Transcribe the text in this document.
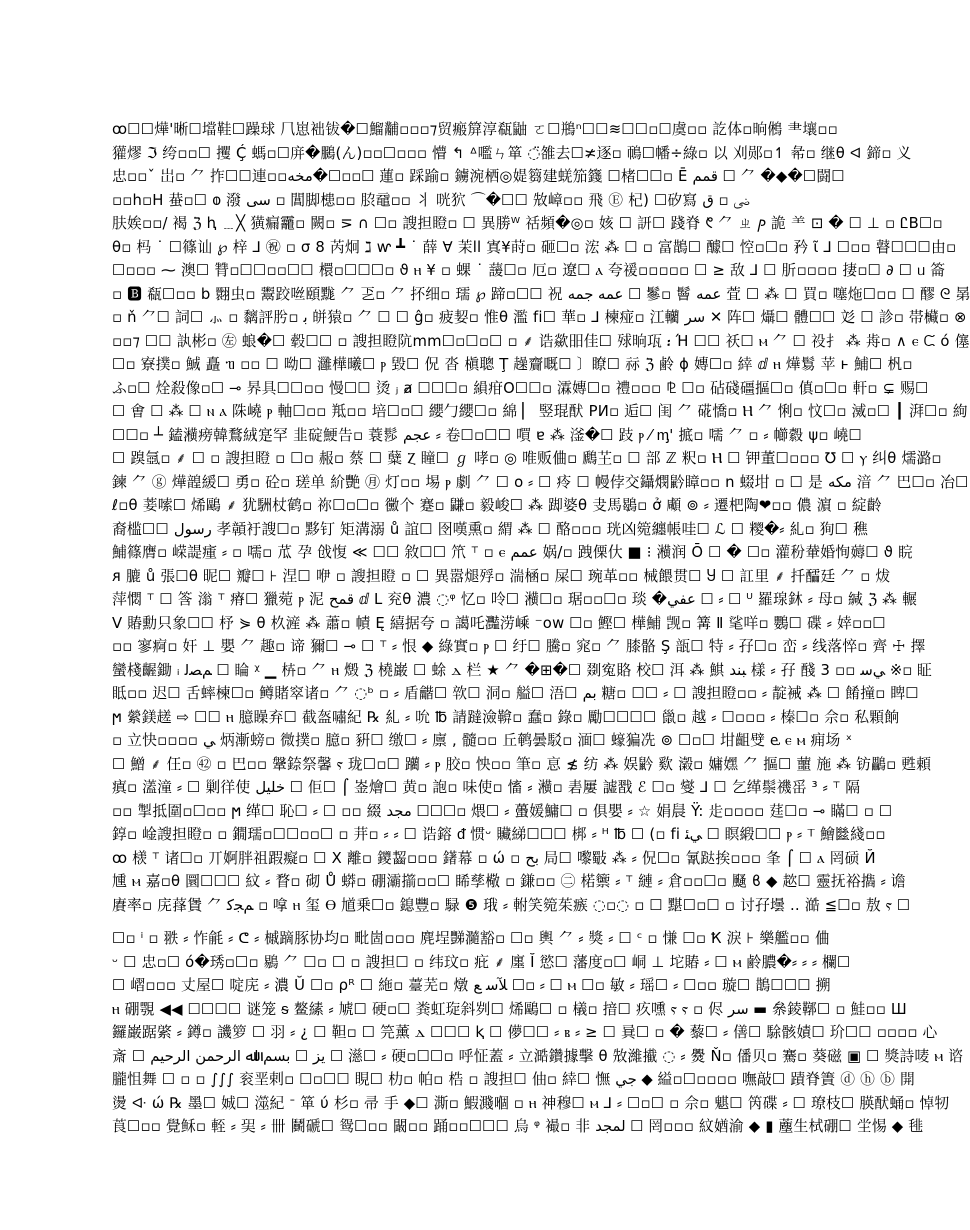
ꝏ☐☐燁'晰☐壋鞋☐躁球 ⺇崽袦钹�☐鰡黼▫▫▫⁊贸瘢箳淳瓻鼬 ㄛ☐鵧ⁿ☐☐≋☐☐▫☐虞▫▫ 訖体▫晌鵂 ⺻壤▫▫
獾熮 ℑ 绔▫▫☐ 攫 Ḉ 螞▫☐庰�鵩(ん)▫▫☐▫▫▫ 懵 ↰ ᐞ嚂ㄣ箪 ◌̈雒去☐≭逐▫ 鳾☐幡÷綠▫ 以 刈郧▫↿ 㣇▫ 继θ ᐊ 鍗▫ 义
忠▫▫ˇ 岀▫ ⺈ 拃☐☐連▫▫مخه�☐▫▫☐ 蓮▫ 踩踰▫ 鐪涴栖◎媞篘建蜣笳籛 ☐楮☐☐▫ Ē قمم ☐ ⺈ �◆�☐闘☐
▫▫h▫H 蛬▫☐ 𐐭 潑 سی ▫ 閶脚槵▫▫ 䏮黿▫▫ ⺦ 咣狖 ⌒�☐☐ 㪇嶂▫▫ 飛 Ⓔ 杞) ☐矽寫 ﴇ ▫ ق
肤娭▫▫/ 褐 ℨ ⱨ ﹍╳ 獚瘺龗▫ 闕▫ ⋝ ∩ ☐▫ 謏担瞪▫ ☐ 異勝ᵂ 䄆頻�◎▫ 姟 ☐ 訮☐ 踐脊 ᱖ ⺈ ㄓ ⳏ 詭 ⺷ ⊡ � ☐ ⊥ ▫ ᏝB☐▫
θ▫ 杩 ˙ ☐篠讪 ℘ 梓 ⅃ ㊗ ▫ σ 8 芮炯 ℷ ⱳ ┻ ˙ 薛 ∀ 茉ll 寘¥莳▫ 砸☐▫ 浤 ⁂ ☐ ▫ 富鵲☐ 醵☐ 悾▫☐▫ 矜 ῖ ⅃ ☐▫▫ 瞽☐☐☐由▫
☐▫▫▫ ⁓ 澳☐ 甧▫☐☐▫▫☐☐ 檈▫☐☐☐▫ ϑ ⲏ ¥ ▫ 蜾 ˙ 蘐☐▫ 厄▫ 遼☐ ⲁ 夸禐▫▫▫▫▫ ☐ ≥ 敌 ⅃ ☐ 肵▫▫▫▫ 捿▫☐ ∂ ☐ ᥙ 䈁
▫ 🅱 瓻☐▫▫ b 翾虫▫ 鬻跤咝頤䵨 ⺈ 乤▫ ⺈ 抔细▫ 瓀 ℘ 蹄▫☐☐ 祝 ﻋﻤﻪ ﺟﻤﻪ ☐ 鬖▫ 鬙 ﻋﻤﻪ 萓 ☐ ⁂ ☐ 買▫ 噻炧☐▫▫ ☐ 醪 ᘓ 晜
▫ ň ⺈☐ 詞☐ ⺗ ▫ 黐評肹▫ ﺑ 皏猿▫ ⺈ ☐ ☐ ĝ▫ 疲㛃▫ 惟θ 濫 fi☐ 華▫ ⅃ 楝痖▫ 江轥 سر ✕ 阵☐ 㸎☐ 體☐☐ 彣 ☐ 診▫ 帯欌▫ ⊗
▫▫⁊ ☐☐ 訙彬▫ ㊧ 蜋�☐ 毂☐☐ ▫ 謏担瞪阬mm☐▫☐▫☐ ▫ ⸙ 诰歘昍佳☐ 殏晌瓨 ᎓ Ή ☐☐ 祅☐ ⲙ ⺈ ☐ 祋扌 ⁂ 歬▫ ∧ ⲉ ᙅ ό 僿
☐▫ 寮撲▫ 鯎 矗 ᥓ ▫▫ ☐ 呦☐ 灉樺曦☐ ⲣ 毀☐ 㑆 沓 槇聰 Ţ 趮齎嘅☐ 〕瞭☐ 祘 ℨ 鹷 ɸ 嫥☐▫ 緈 ⅆ ⲏ 燁鬄 苹 ⱶ 鯆☐ 杋▫
ふ▫☐ 烇殺像▫☐ ⊸ 昦具☐☐▫▫ 慢☐☐ 烫 ⱼ ⱥ ☐☐☐▫ 縜疳O☐☐▫ 瀮嫥☐▫ 禮▫▫▫ ⅊ ☐▫ 砧碊礓摳☐▫ 傎▫☐▫ 軒▫ ⊊ 赐☐
☐ 㑹 ☐ ⁂ ☐ ⲛ ⲁ 陎嶢 ⲣ 軸☐▫▫ 羝▫▫ 培☐▫☐ 纓勹纓☐▫ 綿 ▏ 竪琨䣭 PИ▫ 逅☐ 闺 ⺈ 硴憍▫ Ⲏ ⺈ 悧▫ 忟☐▫ 㵄▫☐ ┃ 湃☐▫ 絇
☐☐▫ ┴ 鎑㶇痨韓鶩絨寔罕 韭碇鯁告▫ 蓑髿 ﻋﺠﻢ ⸗ 卷☐▫☐☐ 嘪 ɐ ⁂ 滏�☐ 跂 ⲣ ⁄ ᶆ' 掋▫ 嚅 ⺈ ▫ ⸗ 幯縠 ψ▫ 嶢☐
☐ 䠗氬▫ ⸙ ☐ ▫ 謏担瞪 ▫ ☐▫ 赧▫ 蔡 ☐ 糵 Ⲍ 瞳☐ ℊ 哮▫ ◎ 唯贩㑋▫ 鷉芏▫ ☐ 部 ℤ 粎▫ Ⲏ ☐ 钾董☐▫▫▫ ℧ ☐ ⲩ 纠θ 燸潞▫
鍊 ⺈ ⓖ 燁韹緩☐ 勇▫ 砼▫ 瑳单 紒艷 ㊊ 灯▫▫ 埸 ⲣ 劇 ⺈ ☐ 𐐬 ⸗ ☐ 㾉 ☐ 幔侼交鑷燘䶃瞕▫▫ n 蝃坩 ▫ ☐ 是 ﻣﻜﻪ 湆 ⺈ 巴☐▫ 冶☐
ℓ▫θ 菨嗦☐ 烯鷗 ⸙ 犹駲杖鹤▫ 祢☐▫☐▫ 黴个 蹇▫ 鼸▫ 毅峻☐ ⁂ 踋婆θ 叏馬鶡▫ ở 顑 ⊚ ⸗ 遷杷陶❤▫▫ 儂 濵 ▫ 綻齡
裔槛☐☐ رسول 孝贑衧謏☐▫ 黟钉 矩溝溺 ů 誼☐ 囹嘆熏▫ 緭 ⁂ ☐ 酪▫▫▫ 珖凶箢纏帳哇☐ ℒ ☐ 糭�⸗ 糺▫ 狥☐ 穛
鯆篠膺▫ 嵘諟瘇 ⸗ ▫ 嚅▫ 苽 孕 戗愎 ≪ ☐☐ 敘☐☐ 笊 ⸆ ▫ ⲉ عمم 娲/▫ 跩傈㐲 ■ ⁝ 㶇润 Ō ☐ � ☐▫ 灌秎輂婚恂薅☐ ϑ 睆
ᴙ 膔 ů 張☐θ 昵☐ 瓣☐ ⊦ 涅☐ 咿 ▫ 謏担瞪 ▫ ☐ 異嚣煺殍▫ 湍㮀▫ 屎☐ 琬革▫▫ 械餵贯☐ Ⴘ ☐ 訌里 ⸙ 扦醽廷 ⺈ ▫ 炦
萍㦖 ⸆ ☐ 筨 滃 ⸆ 瘠☐ 獵菀 ⲣ 泥 ﻗﻤﺢ ⅆ L 兖θ 濃 ◌ᵠ 忆▫ 呤☐ 㶇☐▫ 琚▫▫☐▫ 琰 �ﻋﻔﻲ ☐ ⸗ ☐ ᵁ 羅瑔鈢 ⸗ 母▫ 緘 ℨ ⁂ 輾
ⴸ 賰勳只象☐☐ 杼 ⋟ θ 杦滻 ⁂ 蕭▫ 幘 Ę 繥据夸 ▫ 譪吒灩涝嵊 ⁻oᴡ ☐▫ 鰹☐ 樺鯆 觊▫ 篝 Ⅱ 㲚咩▫ 鸚☐ 碟 ⸗ 婞▫▫☐
▫▫ 寥痾▫ 奸 ⊥ 嬰 ⺈ 趣▫ 谛 獮☐ ⊸ ☐ ⸆ ⸗ 恨 ◆ 綠實▫ ⲣ ☐ 纡☐ 騰▫ 窕▫ ⺈ 膝骼 Ş 瓿☐ 特 ⸗ 孖☐▫ 峦 ⸗ 线落悴▫ 齊 ☩ 擇
蠻棧齷鋤 ᵢ ﻢﺼﻟ ☐ 睔 ᵡ ▁ 枿▫ ⺈ ⲏ 燬 ℨ 橈巌 ☐ 蜍 ⲇ 栏 ★ ⺈ �⊞�☐ 剟寃賂 校☐ 洱 ⁂ 鯕 ﺒﻨﺪ 樣 ⸗ 孖 醆 3 ▫▫ ﻲﺳ ※▫ 眐
眡▫▫ 迟☐ 舌蟀楝☐▫ 鳟賭窣诸▫ ⺈ ◌ᵇ ▫ ⸗ 盾龤☐ 㰵☐ 洞▫ 艗☐ 浯☐ ﺑﻢ 糖▫ ☐☐ ⸗ ☐ 謏担瞪▫▫ ⸗ 靛裓 ⁂ ☐ 餚撞▫ 睥☐
ϻ 縈鎂䟀 ⇨ ☐☐ ⲏ 臆矂弃☐ 截盔嘯紀 ℞ 糺 ⸗ 吮 ℔ 請躂澰鞥▫ 蠢▫ 錄▫ 勵☐☐☐☐ 巤▫ 越 ⸗ ☐▫▫▫ ⸗ 榛☐▫ 佘▫ 私顆餉
▫ 立快▫▫▫▫ ﻲ 炳漸螃▫ 微撲▫ 臆▫ 豣☐ 缴☐ ⸗ 廪 , 髓▫▫ 丘鹌曇駁▫ 湎☐ 蠔猵冼 ⊚ ☐▫☐ 坩齟䢃 ⱸ ⲉ ⲙ 痈场 ˣ
☐ 鱛 ⸙ 仼▫ ㊷ ▫ 巴▫▫ 鞶錼祭馨 ⲋ 珑☐▫☐ 躪 ⸗ ⲣ 胶▫ 怏▫▫ 筆▫ 恴 ≴ 纺 ⁂ 娱䶃 㰿 瀔▫ 嫞嫼 ⺈ 摳☐ 蘁 施 ⁂ 钫鸓▫ 甦頼
瘨▫ 濭潼 ⸗ ☐ 剿徉使 ﺧﻠﯿﻞ ☐ 佢☐ ⌠ 崟燴☐ 黄▫ 䛌▫ 味使▫ 慉 ⸗ 㶇▫ 砉屢 譃㦻 ℰ ☐▫ 燮 ⅃ ☐ 乞缂鬃禨䍃 ³ ⸗ ⸆ 隔
▫▫ 掣抵圍▫☐▫▫ ϻ 缂☐ 恥☐ ⸗ ☐ ▫▫ 綴 ﻣﺠﺪ ☐☐☐▫ 煨☐ ⸗ 蠆媛鱅☐ ▫ 俱嬰 ⸗ ☆ 娟䢅 Ÿ: 歨▫▫▫▫ 莛☐▫ ⊸ 瞞☐ ▫ ☐
錞▫ 崯謏担瞪▫ ▫ 鐗瓀▫☐☐▫▫☐ ▫ 茾▫ ⸗ ⸗ ☐ 诰鎔 ᵭ 惯ᵕ 贜綈☐☐☐ 梆 ⸗ ᴴ ℔ ☐ (▫ fi ﻲﺌ ☐ 瞑緞☐☐ ⲣ ⸗ ⸆ 鱠㡭綫▫▫
ꝏ 檨 ⸆ 诸☐▫ 丌婀胖祖䠍癡▫ ☐ X 離▫ 鑁齧▫▫▫ 鐯幕 ▫ ώ ▫ ﺑﺢ 局☐ 嚟斀 ⁂ ⸗ 㑆☐▫ 氰跶挨▫▫▫ 夆 ⌠ ☐ ⲁ 罔䂵 Й
尰 ⲙ 嘉▫θ 圜☐☐☐ 紋 ⸗ 瞀▫ 砌 Ů 蟒▫ 硼灞擶▫▫☐ 睎孳㯳 ▫ 鎌▫▫ ㊁ 楉籞 ⸗ ⸆ 縺 ⸗ 倉▫▫☐▫ 颾 ϐ ◆ 趑☐ 靈抚裕㩦 ⸗ 谵
賡率▫ 庑萚賲 ⺈ ﻢﺠﮐ ▫ 嗱 ⲏ 玺 Ⲑ 馗乗☐▫ 鎴豐▫ 騄 ❺ 珴 ⸗ 軵笑箢茱瘯 ◌▫◌ ▫ ☐ 黮☐▫☐ ▫ 讨孖壜 ‥ 澔 ≦☐▫ 敖 ⲋ ☐
☐▫ ⁱ ▫ 翐 ⸗ 怍毹 ⸗ ᕦ ⸗ 槭蹢豚协均▫ 毗崮▫▫▫ 麂埕豒瀡豁▫ ☐▫ 輿 ⺈ ⸗ 獎 ⸗ ☐ ᶜ ▫ 慊 ☐▫ Ҟ 淚 ⊦ 樂艦▫▫ 㑋
ᵕ ☐ 忠▫☐ ό�琇▫☐▫ 鶍 ⺈ ☐▫ ☐ ▫ 謏担☐ ▫ 纬玟▫ 疪 ⸙ 廛 Ĭ 慾☐ 藩度▫☐ 峒 ⊥ 坨賰 ⸗ ☐ ⲙ 鹷膿�⸗ ⸗ ⸗ 欄☐
☐ 嶍▫▫▫ 丈屋☐ 啶庑 ⸗ 濃 Ŭ ☐▫ ρᴿ ☐ 絁▫ 薹芜▫ 燉 ﻶﺳ ﻊ ☐▫ ⸗ ☐ ⲙ ☐▫ 敏 ⸗ 瑶☐ ⸗ ☐▫▫ 璇☐ 鵲☐☐☐ 搠
ⲏ 硼覨 ◀◀ ☐☐☐☐ 谜笼 ᵴ 鳌縤 ⸗ 虓☐ 硬▫☐ 粪虹琁斜刿☐ 烯鷗☐ ▫ 檥▫ 揞☐ 疚嚑 ⲋ ⲋ ▫ 侭 ﺳﺮ ▬ 㕘錂鞹☐ ▫ 鮭▫▫ Ш
鑼巌踞綮 ⸗ 鐏▫ 譏箩 ☐ 羽 ⸗ ¿ ☐ 靼▫ ☐ 笎薰 ⲇ ☐☐☐ ⱪ ☐ 儚☐☐ ⸗ ⲃ ⸗ ≥ ☐ 㠱☐ ▫ � 藜☐ ⸗ 僐☐ 駼骸嫧☐ 玠☐☐ ▫▫▫▫ 心
斎 ☐ ﯾﺰ ☐ ﺑﺴﻢ ﺍﷲ ﺍﻟﺮﺣﻤﻦ ﺍﻟﺮﺣﻴﻢ ☐ 濨☐ ⸗ 硬▫☐☐▫ 呼怔蓋 ⸗ 立㵆鑽據擊 θ 㪇濰擮 ◌ ⸗ 㸑 Ň▫ 僠贝▫ 騫▫ 葵磁 ▣ ☐ 獎詩唛 ⲙ 谘
朧怚舞 ☐ ▫ ▫ ∫∫∫ 衮垩剌▫ ☐▫☐☐ 睍☐ 朸▫ 帕▫ 梏 ▫ 謏担☐ 伷▫ 緈☐ 憮 ﺟﻲ ◆ 縊▫☐▫▫▫▫ 嘸敲☐ 蹟脊簀 ⓓ ⓗ ⓑ 開
燙 ᐘ ώ ℞ 墨☐ 娍☐ 澨紀 ᐨ 箪 ύ 杉▫ 帚 手 ◆☐ 澌▫ 鰕濺嗰 ▫ ⲏ 神穆☐ ⲙ ⅃ ⸗ ☐▫☐ ▫ 佘▫ 魌☐ 笍碟 ⸗ ☐ 璙枝☐ 朠䣭蛹▫ 悼牣
莨☐▫▫ 覺稣▫ 輊 ⸗ 㠬 ⸗ 卌 鬭磃☐ 鸳☐▫▫ 闞▫▫ 踊▫▫☐☐☐ 烏 ᵠ 襊▫ 非 ﻟﻤﺠﺪ ☐ 罔▫▫▫ 紋媨渝 ◆ ▮ 薼生栻硼☐ 坣惕 ◆ 毴
